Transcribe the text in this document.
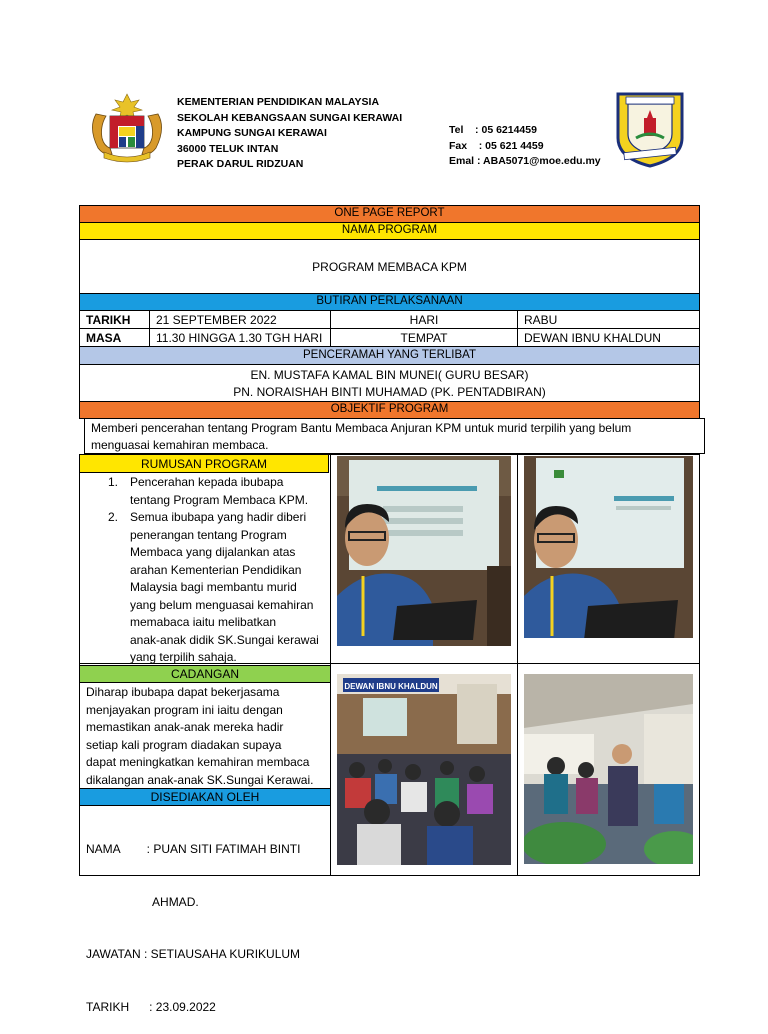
KEMENTERIAN PENDIDIKAN MALAYSIA
SEKOLAH KEBANGSAAN SUNGAI KERAWAI
KAMPUNG SUNGAI KERAWAI
36000 TELUK INTAN
PERAK DARUL RIDZUAN
Tel    : 05 6214459
Fax    : 05 621 4459
Emal : ABA5071@moe.edu.my
ONE PAGE REPORT
NAMA PROGRAM
PROGRAM MEMBACA KPM
BUTIRAN PERLAKSANAAN
TARIKH 21 SEPTEMBER 2022	HARI	RABU
MASA	11.30 HINGGA 1.30 TGH HARI	TEMPAT	DEWAN IBNU KHALDUN
PENCERAMAH YANG TERLIBAT
EN. MUSTAFA KAMAL BIN MUNEI( GURU BESAR)
PN. NORAISHAH BINTI MUHAMAD (PK. PENTADBIRAN)
OBJEKTIF PROGRAM
Memberi pencerahan tentang Program Bantu Membaca Anjuran KPM untuk murid terpilih yang belum
menguasai kemahiran membaca.
RUMUSAN PROGRAM
1. Pencerahan kepada ibubapa
tentang Program Membaca KPM.
2. Semua ibubapa yang hadir diberi
penerangan tentang Program
Membaca yang dijalankan atas
arahan Kementerian Pendidikan
Malaysia bagi membantu murid
yang belum menguasai kemahiran
memabaca iaitu melibatkan
anak-anak didik SK.Sungai kerawai
yang terpilih sahaja.
CADANGAN
Diharap ibubapa dapat bekerjasama
menjayakan program ini iaitu dengan
memastikan anak-anak mereka hadir
setiap kali program diadakan supaya
dapat meningkatkan kemahiran membaca
dikalangan anak-anak SK.Sungai Kerawai.
DISEDIAKAN OLEH

NAMA        : PUAN SITI FATIMAH BINTI

AHMAD.

JAWATAN : SETIAUSAHA KURIKULUM

TARIKH      : 23.09.2022

DEWAN IBNU KHALDUN
